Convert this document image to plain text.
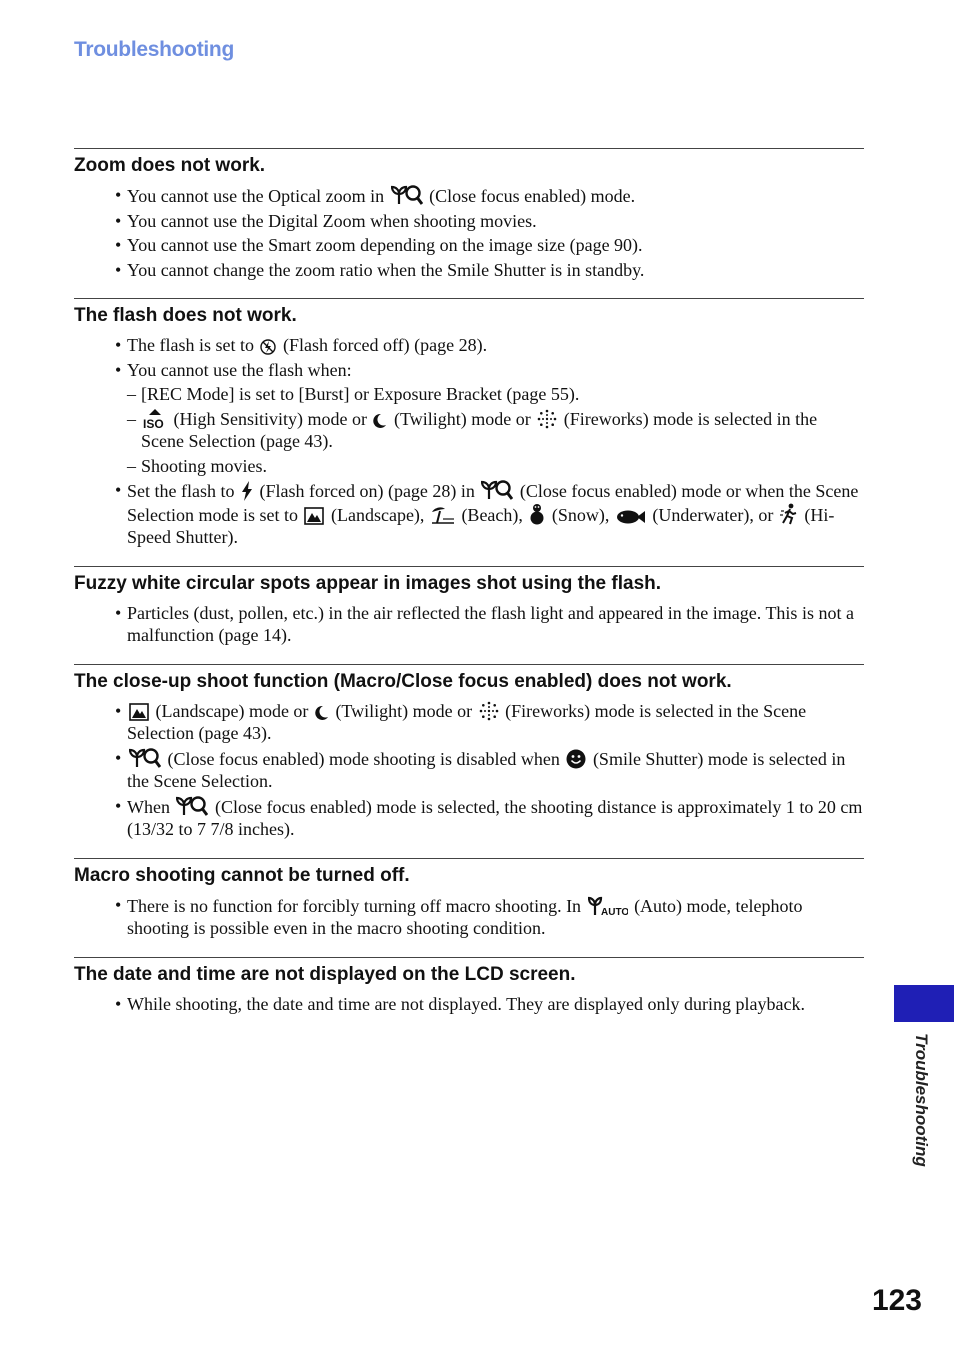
Troubleshooting
Zoom does not work.
• You cannot use the Optical zoom in
(Close focus enabled) mode.
• You cannot use the Digital Zoom when shooting movies.
• You cannot use the Smart zoom depending on the image size (page 90).
• You cannot change the zoom ratio when the Smile Shutter is in standby.
The flash does not work.
• The flash is set to
(Flash forced off) (page 28).
• You cannot use the flash when:
– [REC Mode] is set to [Burst] or Exposure Bracket (page 55).
– (High Sensitivity) mode or
(Twilight) mode or
(Fireworks) mode is selected in the Scene Selection (page 43).
– Shooting movies.
• Set the flash to
(Flash forced on) (page 28) in
(Close focus enabled) mode or when the Scene Selection mode is set to
(Landscape),
(Beach),
(Snow),
(Underwater), or
(Hi-Speed Shutter).
Fuzzy white circular spots appear in images shot using the flash.
• Particles (dust, pollen, etc.) in the air reflected the flash light and appeared in the image. This is not a malfunction (page 14).
The close-up shoot function (Macro/Close focus enabled) does not work.
• (Landscape) mode or
(Twilight) mode or
(Fireworks) mode is selected in the Scene Selection (page 43).
• (Close focus enabled) mode shooting is disabled when
(Smile Shutter) mode is selected in the Scene Selection.
• When
(Close focus enabled) mode is selected, the shooting distance is approximately 1 to 20 cm (13/32 to 7 7/8 inches).
Macro shooting cannot be turned off.
• There is no function for forcibly turning off macro shooting. In
(Auto) mode, telephoto shooting is possible even in the macro shooting condition.
The date and time are not displayed on the LCD screen.
• While shooting, the date and time are not displayed. They are displayed only during playback.
Troubleshooting
123
